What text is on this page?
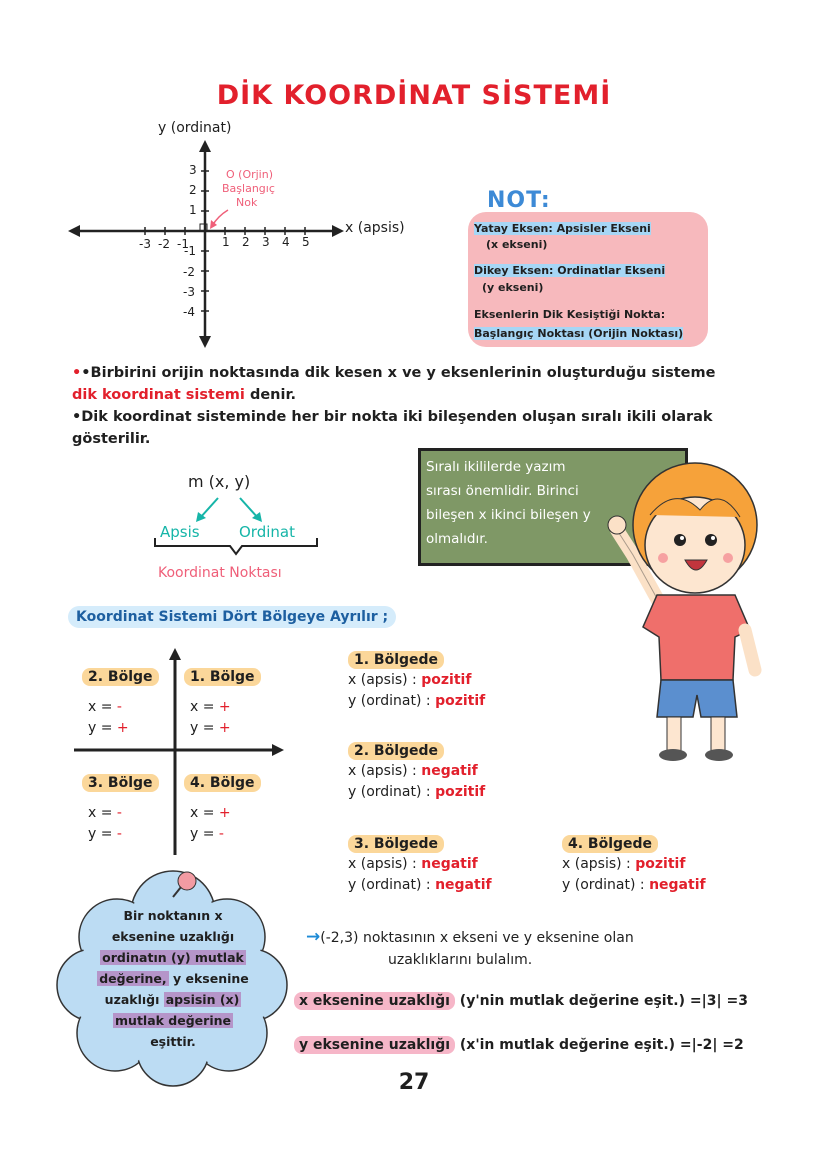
DİK KOORDİNAT SİSTEMİ
y (ordinat)
x (apsis)
-3 -2 -1	1 2 3 4 5
3
2
1
-1
-2
-3
-4
O (Orjin)
Başlangıç
Nok	NOT:
Yatay Eksen: Apsisler Ekseni
(x ekseni)
Dikey Eksen: Ordinatlar Ekseni
(y ekseni)
Eksenlerin Dik Kesiştiği Nokta:
Başlangıç Noktası (Orijin Noktası)
••Birbirini orijin noktasında dik kesen x ve y eksenlerinin oluşturduğu sisteme
dik koordinat sistemi denir.
•Dik koordinat sisteminde her bir nokta iki bileşenden oluşan sıralı ikili olarak
gösterilir.
m (x, y)
Apsis	Ordinat
Koordinat Noktası
Sıralı ikililerde yazım
sırası önemlidir. Birinci
bileşen x ikinci bileşen y
olmalıdır.
Koordinat Sistemi Dört Bölgeye Ayrılır ;
2. Bölge	1. Bölge
3. Bölge	4. Bölge
x = -
y = +
x = +
y = +
x = -
y = -
x = +
y = -
1. Bölgede
x (apsis) : pozitif
y (ordinat) : pozitif
2. Bölgede
x (apsis) : negatif
y (ordinat) : pozitif
3. Bölgede
x (apsis) : negatif
y (ordinat) : negatif
4. Bölgede
x (apsis) : pozitif
y (ordinat) : negatif
Bir noktanın x
eksenine uzaklığı
ordinatın (y) mutlak
değerine, y eksenine
uzaklığı apsisin (x)
mutlak değerine
eşittir.
→(-2,3) noktasının x ekseni ve y eksenine olan
uzaklıklarını bulalım.
x eksenine uzaklığı (y'nin mutlak değerine eşit.) =|3| =3
y eksenine uzaklığı (x'in mutlak değerine eşit.) =|-2| =2
27
